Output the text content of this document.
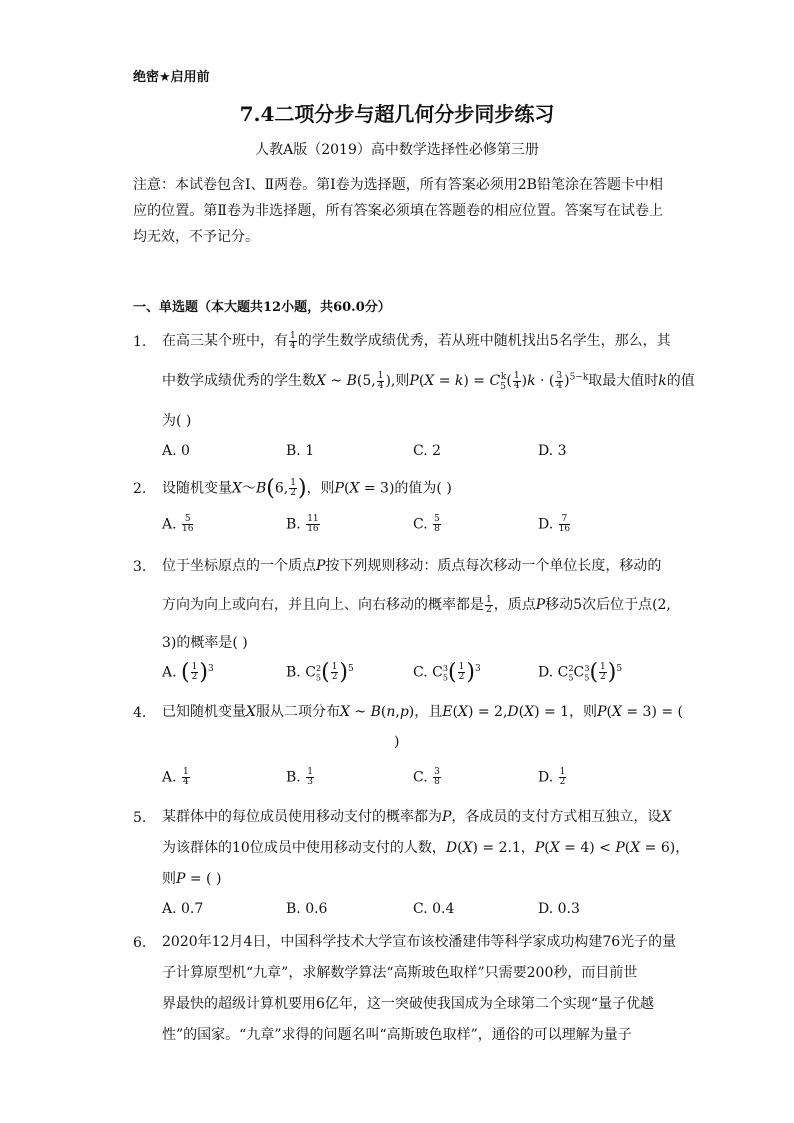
绝密★启用前
7.4二项分步与超几何分步同步练习
人教A版（2019）高中数学选择性必修第三册
注意：本试卷包含Ⅰ、Ⅱ两卷。第Ⅰ卷为选择题，所有答案必须用2B铅笔涂在答题卡中相应的位置。第Ⅱ卷为非选择题，所有答案必须填在答题卷的相应位置。答案写在试卷上均无效，不予记分。
一、单选题（本大题共12小题，共60.0分）
1. 在高三某个班中，有 $\frac{1}{4}$ 的学生数学成绩优秀，若从班中随机找出5名学生，那么，其
中数学成绩优秀的学生数X ~ B(5, $\frac{1}{4}$ ),则$P(X = k) = C_5^k( \frac{1}{4} )k$ · ( $\frac{3}{4} )^{5-k}$取最大值时k的值
为( )
A. 0	B. 1	C. 2	D. 3
2. 设随机变量X～B(6, $\frac{1}{2}$ )，则P(X = 3)的值为( )
A. $\frac{5}{16}$	B. $\frac{11}{16}$	C. $\frac{5}{8}$	D. $\frac{7}{16}$
3. 位于坐标原点的一个质点P按下列规则移动：质点每次移动一个单位长度，移动的
方向为向上或向右，并且向上、向右移动的概率都是 $\frac{1}{2}$ ，质点P移动5次后位于点(2,
3)的概率是( )
A. ( $\frac{1}{2} )^3$	B. $C_5^2( \frac{1}{2} )^5$	C. $C_5^3( \frac{1}{2} )^3$	D. $C_5^2C_5^3( \frac{1}{2} )^5$
4. 已知随机变量X服从二项分布X ~ B(n,p)，且E(X) = 2,D(X) = 1，则P(X = 3) = (
)
A. $\frac{1}{4}$	B. $\frac{1}{3}$	C. $\frac{3}{8}$	D. $\frac{1}{2}$
5. 某群体中的每位成员使用移动支付的概率都为P，各成员的支付方式相互独立，设X
为该群体的10位成员中使用移动支付的人数，D(X) = 2.1，P(X = 4) < P(X = 6)，
则P = ( )
A. 0.7	B. 0.6	C. 0.4	D. 0.3
6. 2020年12月4日，中国科学技术大学宣布该校潘建伟等科学家成功构建76光子的量
子计算原型机“九章”，求解数学算法“高斯玻色取样”只需要200秒，而目前世
界最快的超级计算机要用6亿年，这一突破使我国成为全球第二个实现“量子优越
性”的国家。“九章”求得的问题名叫“高斯玻色取样”，通俗的可以理解为量子
